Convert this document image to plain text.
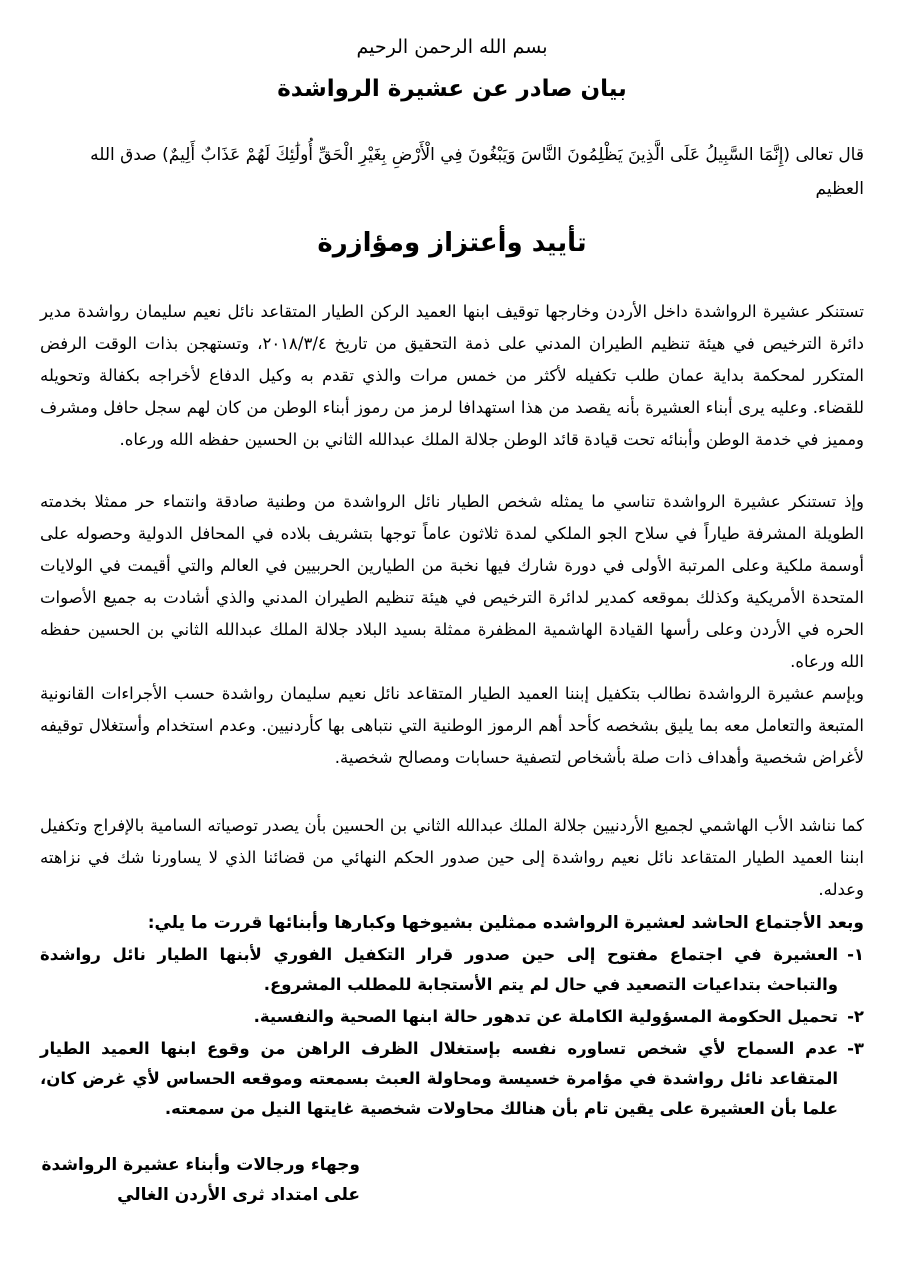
بسم الله الرحمن الرحيم
بيان صادر عن عشيرة الرواشدة
قال تعالى (إِنَّمَا السَّبِيلُ عَلَى الَّذِينَ يَظْلِمُونَ النَّاسَ وَيَبْغُونَ فِي الْأَرْضِ بِغَيْرِ الْحَقِّ أُولَٰئِكَ لَهُمْ عَذَابٌ أَلِيمٌ) صدق الله العظيم
تأييد وأعتزاز ومؤازرة
تستنكر عشيرة الرواشدة داخل الأردن وخارجها توقيف ابنها العميد الركن الطيار المتقاعد نائل نعيم سليمان رواشدة مدير دائرة الترخيص في هيئة تنظيم الطيران المدني على ذمة التحقيق من تاريخ ٢٠١٨/٣/٤، وتستهجن بذات الوقت الرفض المتكرر لمحكمة بداية عمان طلب تكفيله لأكثر من خمس مرات والذي تقدم به وكيل الدفاع لأخراجه بكفالة وتحويله للقضاء. وعليه يرى أبناء العشيرة بأنه يقصد من هذا استهدافا لرمز من رموز أبناء الوطن من كان لهم سجل حافل ومشرف ومميز في خدمة الوطن وأبنائه تحت قيادة قائد الوطن جلالة الملك عبدالله الثاني بن الحسين حفظه الله ورعاه.
وإذ تستنكر عشيرة الرواشدة تناسي ما يمثله شخص الطيار نائل الرواشدة من وطنية صادقة وانتماء حر ممثلا بخدمته الطويلة المشرفة طياراً في سلاح الجو الملكي لمدة ثلاثون عاماً توجها بتشريف بلاده في المحافل الدولية وحصوله على أوسمة ملكية وعلى المرتبة الأولى في دورة شارك فيها نخبة من الطيارين الحربيين في العالم والتي أقيمت في الولايات المتحدة الأمريكية وكذلك بموقعه كمدير لدائرة الترخيص في هيئة تنظيم الطيران المدني والذي أشادت به جميع الأصوات الحره في الأردن وعلى رأسها القيادة الهاشمية المظفرة ممثلة بسيد البلاد جلالة الملك عبدالله الثاني بن الحسين حفظه الله ورعاه.
وبإسم عشيرة الرواشدة نطالب بتكفيل إبننا العميد الطيار المتقاعد نائل نعيم سليمان رواشدة حسب الأجراءات القانونية المتبعة والتعامل معه بما يليق بشخصه كأحد أهم الرموز الوطنية التي نتباهى بها كأردنيين. وعدم استخدام وأستغلال توقيفه لأغراض شخصية وأهداف ذات صلة بأشخاص لتصفية حسابات ومصالح شخصية.
كما نناشد الأب الهاشمي لجميع الأردنيين جلالة الملك عبدالله الثاني بن الحسين بأن يصدر توصياته السامية بالإفراج وتكفيل ابننا العميد الطيار المتقاعد نائل نعيم رواشدة إلى حين صدور الحكم النهائي من قضائنا الذي لا يساورنا شك في نزاهته وعدله.
وبعد الأجتماع الحاشد لعشيرة الرواشده ممثلين بشيوخها وكبارها وأبنائها قررت ما يلي:
١-
العشيرة في اجتماع مفتوح إلى حين صدور قرار التكفيل الفوري لأبنها الطيار نائل رواشدة والتباحث بتداعيات التصعيد في حال لم يتم الأستجابة للمطلب المشروع.
٢-
تحميل الحكومة المسؤولية الكاملة عن تدهور حالة ابنها الصحية والنفسية.
٣-
عدم السماح لأي شخص تساوره نفسه بإستغلال الظرف الراهن من وقوع ابنها العميد الطيار المتقاعد نائل رواشدة في مؤامرة خسيسة ومحاولة العبث بسمعته وموقعه الحساس لأي غرض كان، علما بأن العشيرة على يقين تام بأن هنالك محاولات شخصية غايتها النيل من سمعته.
وجهاء ورجالات وأبناء عشيرة الرواشدة
على امتداد ثرى الأردن الغالي
